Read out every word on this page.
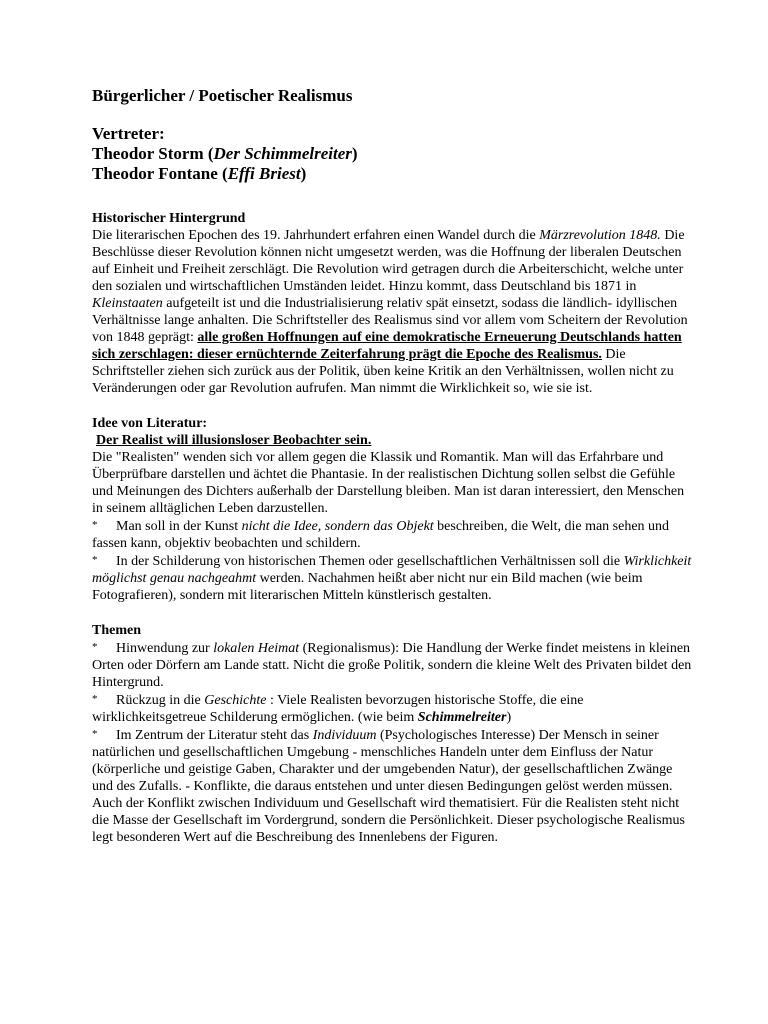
Bürgerlicher / Poetischer Realismus
Vertreter:
Theodor Storm (Der Schimmelreiter)
Theodor Fontane (Effi Briest)
Historischer Hintergrund
Die literarischen Epochen des 19. Jahrhundert erfahren einen Wandel durch die Märzrevolution 1848. Die Beschlüsse dieser Revolution können nicht umgesetzt werden, was die Hoffnung der liberalen Deutschen auf Einheit und Freiheit zerschlägt. Die Revolution wird getragen durch die Arbeiterschicht, welche unter den sozialen und wirtschaftlichen Umständen leidet. Hinzu kommt, dass Deutschland bis 1871 in Kleinstaaten aufgeteilt ist und die Industrialisierung relativ spät einsetzt, sodass die ländlich- idyllischen Verhältnisse lange anhalten. Die Schriftsteller des Realismus sind vor allem vom Scheitern der Revolution von 1848 geprägt: alle großen Hoffnungen auf eine demokratische Erneuerung Deutschlands hatten sich zerschlagen: dieser ernüchternde Zeiterfahrung prägt die Epoche des Realismus. Die Schriftsteller ziehen sich zurück aus der Politik, üben keine Kritik an den Verhältnissen, wollen nicht zu Veränderungen oder gar Revolution aufrufen. Man nimmt die Wirklichkeit so, wie sie ist.
Idee von Literatur:
Der Realist will illusionsloser Beobachter sein.
Die "Realisten" wenden sich vor allem gegen die Klassik und Romantik. Man will das Erfahrbare und Überprüfbare darstellen und ächtet die Phantasie. In der realistischen Dichtung sollen selbst die Gefühle und Meinungen des Dichters außerhalb der Darstellung bleiben. Man ist daran interessiert, den Menschen in seinem alltäglichen Leben darzustellen.
* Man soll in der Kunst nicht die Idee, sondern das Objekt beschreiben, die Welt, die man sehen und fassen kann, objektiv beobachten und schildern.
* In der Schilderung von historischen Themen oder gesellschaftlichen Verhältnissen soll die Wirklichkeit möglichst genau nachgeahmt werden. Nachahmen heißt aber nicht nur ein Bild machen (wie beim Fotografieren), sondern mit literarischen Mitteln künstlerisch gestalten.
Themen
* Hinwendung zur lokalen Heimat (Regionalismus): Die Handlung der Werke findet meistens in kleinen Orten oder Dörfern am Lande statt. Nicht die große Politik, sondern die kleine Welt des Privaten bildet den Hintergrund.
* Rückzug in die Geschichte : Viele Realisten bevorzugen historische Stoffe, die eine wirklichkeitsgetreue Schilderung ermöglichen. (wie beim Schimmelreiter)
* Im Zentrum der Literatur steht das Individuum (Psychologisches Interesse) Der Mensch in seiner natürlichen und gesellschaftlichen Umgebung - menschliches Handeln unter dem Einfluss der Natur (körperliche und geistige Gaben, Charakter und der umgebenden Natur), der gesellschaftlichen Zwänge und des Zufalls. - Konflikte, die daraus entstehen und unter diesen Bedingungen gelöst werden müssen. Auch der Konflikt zwischen Individuum und Gesellschaft wird thematisiert. Für die Realisten steht nicht die Masse der Gesellschaft im Vordergrund, sondern die Persönlichkeit. Dieser psychologische Realismus legt besonderen Wert auf die Beschreibung des Innenlebens der Figuren.
